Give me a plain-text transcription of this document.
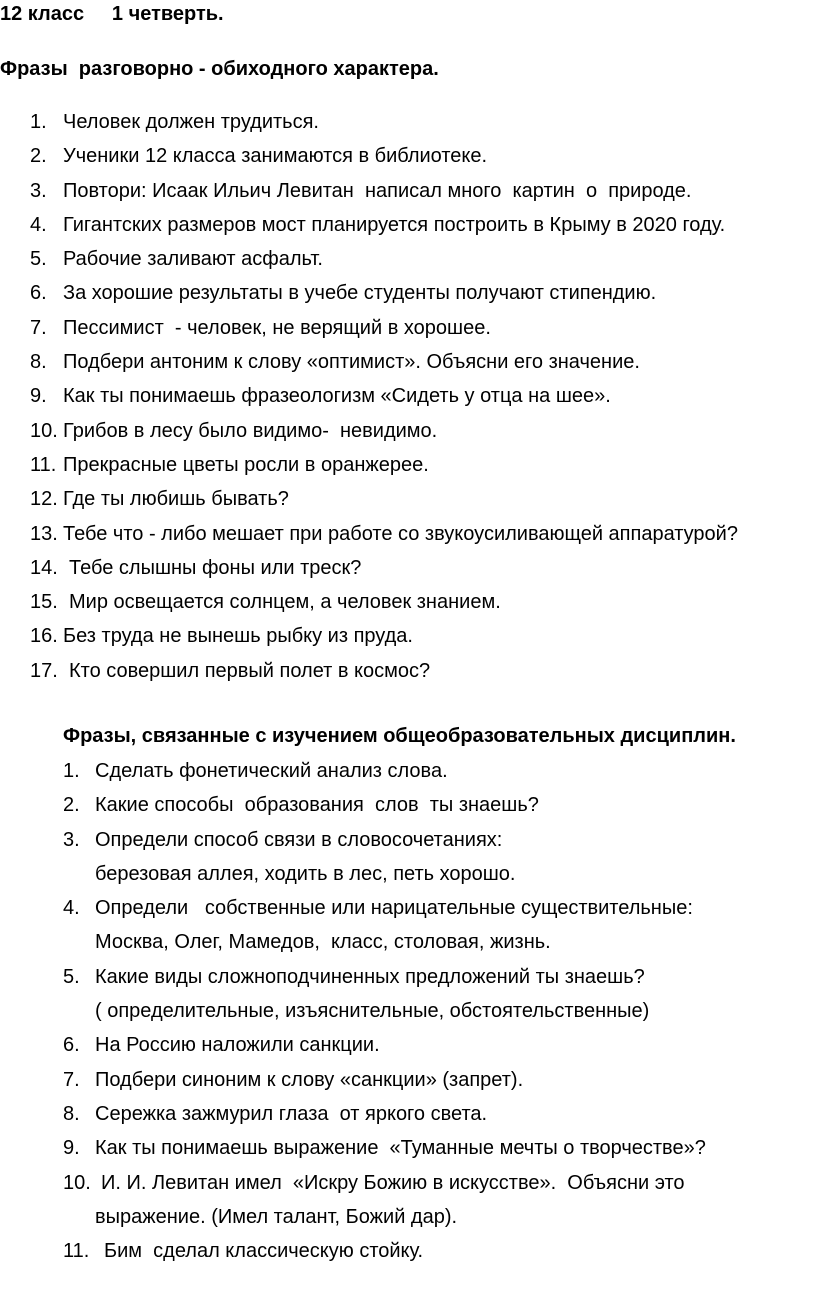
12 класс     1 четверть.
Фразы  разговорно - обиходного характера.
1. Человек должен трудиться.
2. Ученики 12 класса занимаются в библиотеке.
3. Повтори: Исаак Ильич Левитан  написал много  картин  о  природе.
4. Гигантских размеров мост планируется построить в Крыму в 2020 году.
5. Рабочие заливают асфальт.
6. За хорошие результаты в учебе студенты получают стипендию.
7. Пессимист  - человек, не верящий в хорошее.
8. Подбери антоним к слову «оптимист». Объясни его значение.
9. Как ты понимаешь фразеологизм «Сидеть у отца на шее».
10. Грибов в лесу было видимо-  невидимо.
11. Прекрасные цветы росли в оранжерее.
12. Где ты любишь бывать?
13. Тебе что - либо мешает при работе со звукоусиливающей аппаратурой?
14. Тебе слышны фоны или треск?
15. Мир освещается солнцем, а человек знанием.
16. Без труда не вынешь рыбку из пруда.
17. Кто совершил первый полет в космос?
Фразы, связанные с изучением общеобразовательных дисциплин.
1. Сделать фонетический анализ слова.
2. Какие способы  образования  слов  ты знаешь?
3. Определи способ связи в словосочетаниях:
березовая аллея, ходить в лес, петь хорошо.
4. Определи   собственные или нарицательные существительные:
Москва, Олег, Мамедов,  класс, столовая, жизнь.
5. Какие виды сложноподчиненных предложений ты знаешь?
( определительные, изъяснительные, обстоятельственные)
6. На Россию наложили санкции.
7. Подбери синоним к слову «санкции» (запрет).
8. Сережка зажмурил глаза  от яркого света.
9. Как ты понимаешь выражение  «Туманные мечты о творчестве»?
10. И. И. Левитан имел  «Искру Божию в искусстве».  Объясни это
выражение. (Имел талант, Божий дар).
11. Бим  сделал классическую стойку.
